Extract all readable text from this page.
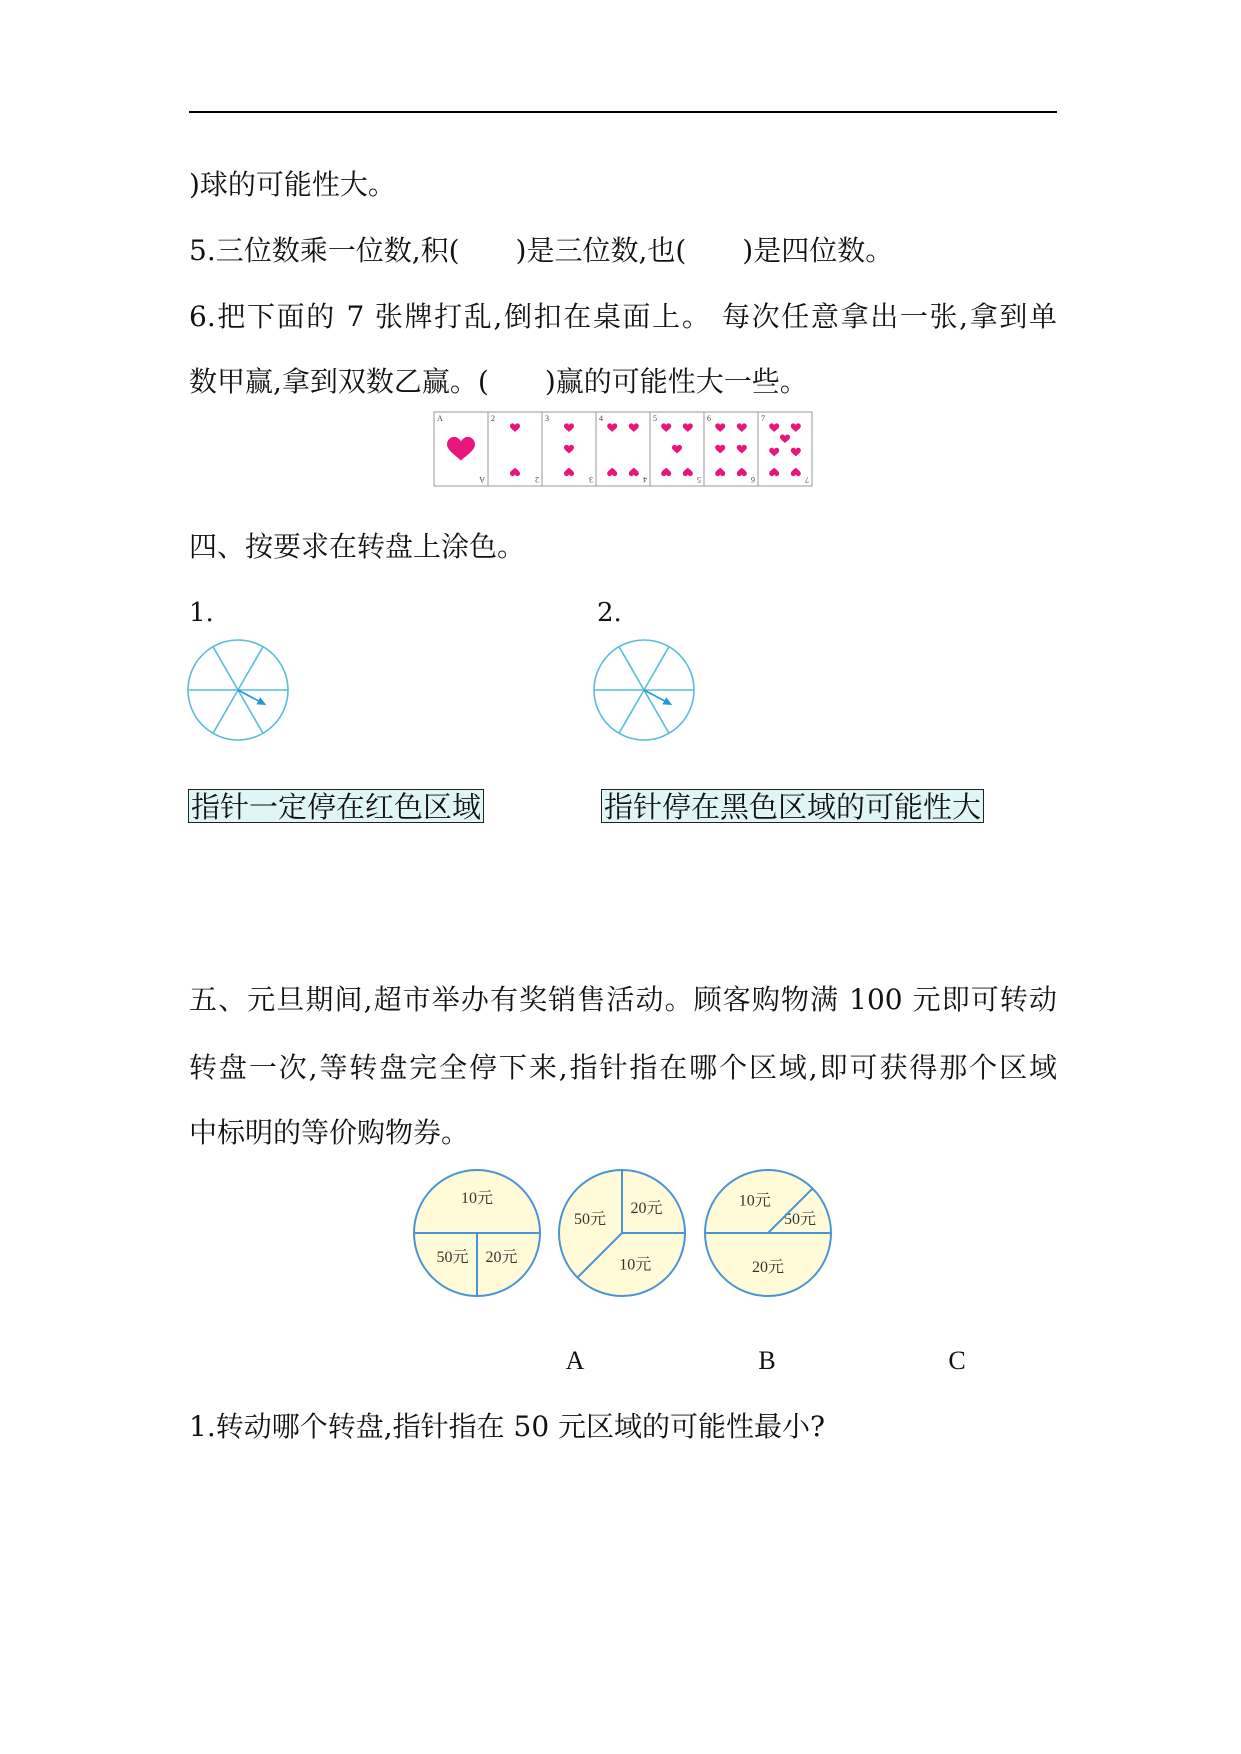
)球的可能性大。
5.三位数乘一位数,积(　　)是三位数,也(　　)是四位数。
6.把下面的 7 张牌打乱,倒扣在桌面上。 每次任意拿出一张,拿到单
数甲赢,拿到双数乙赢。(　　)赢的可能性大一些。
A
A
2
2
3
3
4
4
5
5
6
6
7
7
四、按要求在转盘上涂色。
1.	2.
指针一定停在红色区域	指针停在黑色区域的可能性大
五、元旦期间,超市举办有奖销售活动。顾客购物满 100 元即可转动
转盘一次,等转盘完全停下来,指针指在哪个区域,即可获得那个区域
中标明的等价购物券。
10元
50元 20元
20元
50元
10元
50元
10元
20元
A	B	C
1.转动哪个转盘,指针指在 50 元区域的可能性最小?
